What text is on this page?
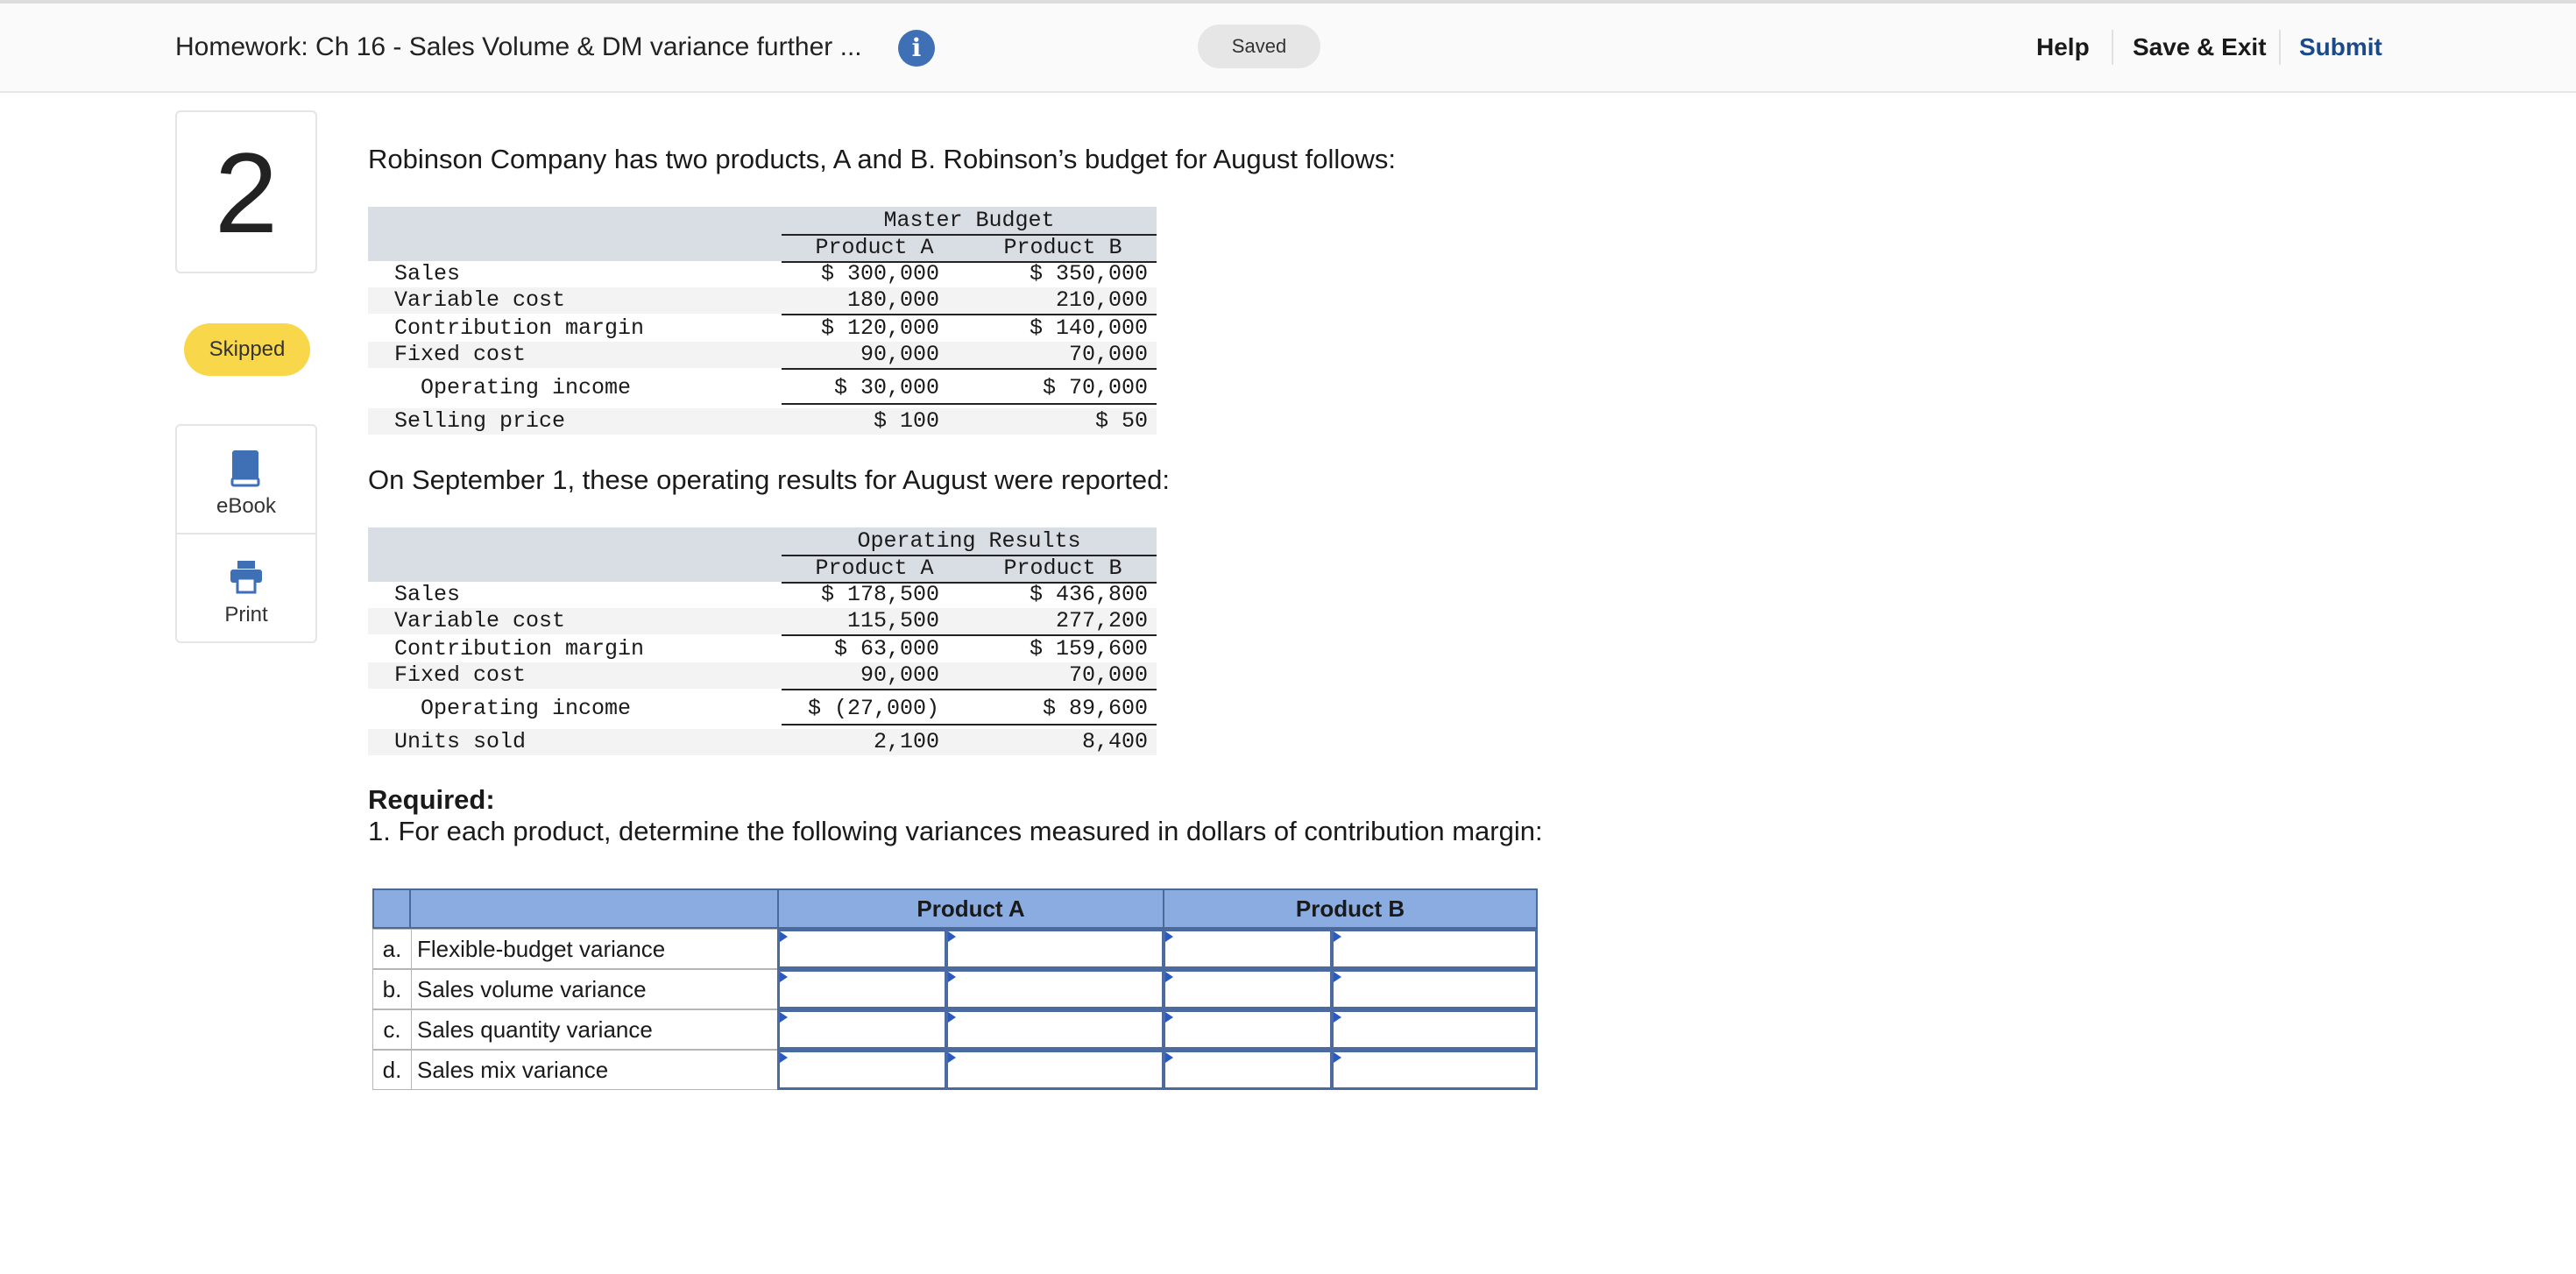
Homework: Ch 16 - Sales Volume & DM variance further ...	i	Saved	Help Save & Exit Submit
2
Skipped
eBook
Print
Robinson Company has two products, A and B. Robinson’s budget for August follows:
Master Budget
Product A	Product B
Sales	$ 300,000	$ 350,000
Variable cost	180,000	210,000
Contribution margin	$ 120,000	$ 140,000
Fixed cost	90,000	70,000
Operating income	$ 30,000	$ 70,000
Selling price	$ 100	$ 50
On September 1, these operating results for August were reported:
Operating Results
Product A	Product B
Sales	$ 178,500	$ 436,800
Variable cost	115,500	277,200
Contribution margin	$ 63,000	$ 159,600
Fixed cost	90,000	70,000
Operating income	$ (27,000)	$ 89,600
Units sold	2,100	8,400
Required:
1. For each product, determine the following variances measured in dollars of contribution margin:
Product A	Product B
a. Flexible-budget variance
b. Sales volume variance
c. Sales quantity variance
d. Sales mix variance
